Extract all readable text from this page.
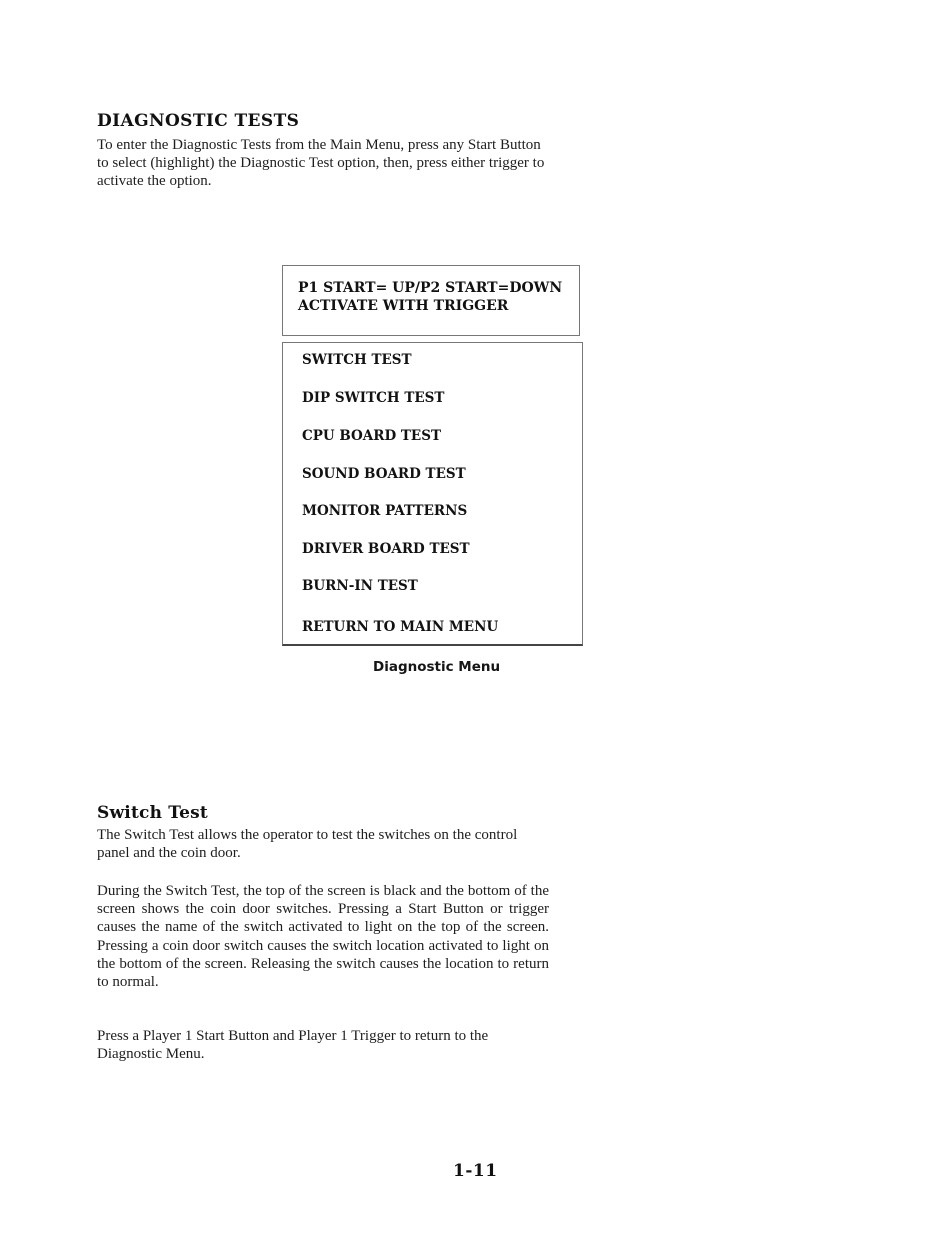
DIAGNOSTIC TESTS

To enter the Diagnostic Tests from the Main Menu, press any Start Button to select (highlight) the Diagnostic Test option, then, press either trigger to activate the option.

P1 START= UP/P2 START=DOWN

ACTIVATE WITH TRIGGER

SWITCH TEST
DIP SWITCH TEST
CPU BOARD TEST
SOUND BOARD TEST
MONITOR PATTERNS
DRIVER BOARD TEST
BURN-IN TEST
RETURN TO MAIN MENU

Diagnostic Menu

Switch Test

The Switch Test allows the operator to test the switches on the control panel and the coin door.

During the Switch Test, the top of the screen is black and the bottom of the screen shows the coin door switches. Pressing a Start Button or trigger causes the name of the switch activated to light on the top of the screen. Pressing a coin door switch causes the switch location activated to light on the bottom of the screen. Releasing the switch causes the location to return to normal.

Press a Player 1 Start Button and Player 1 Trigger to return to the Diagnostic Menu.

1-11
